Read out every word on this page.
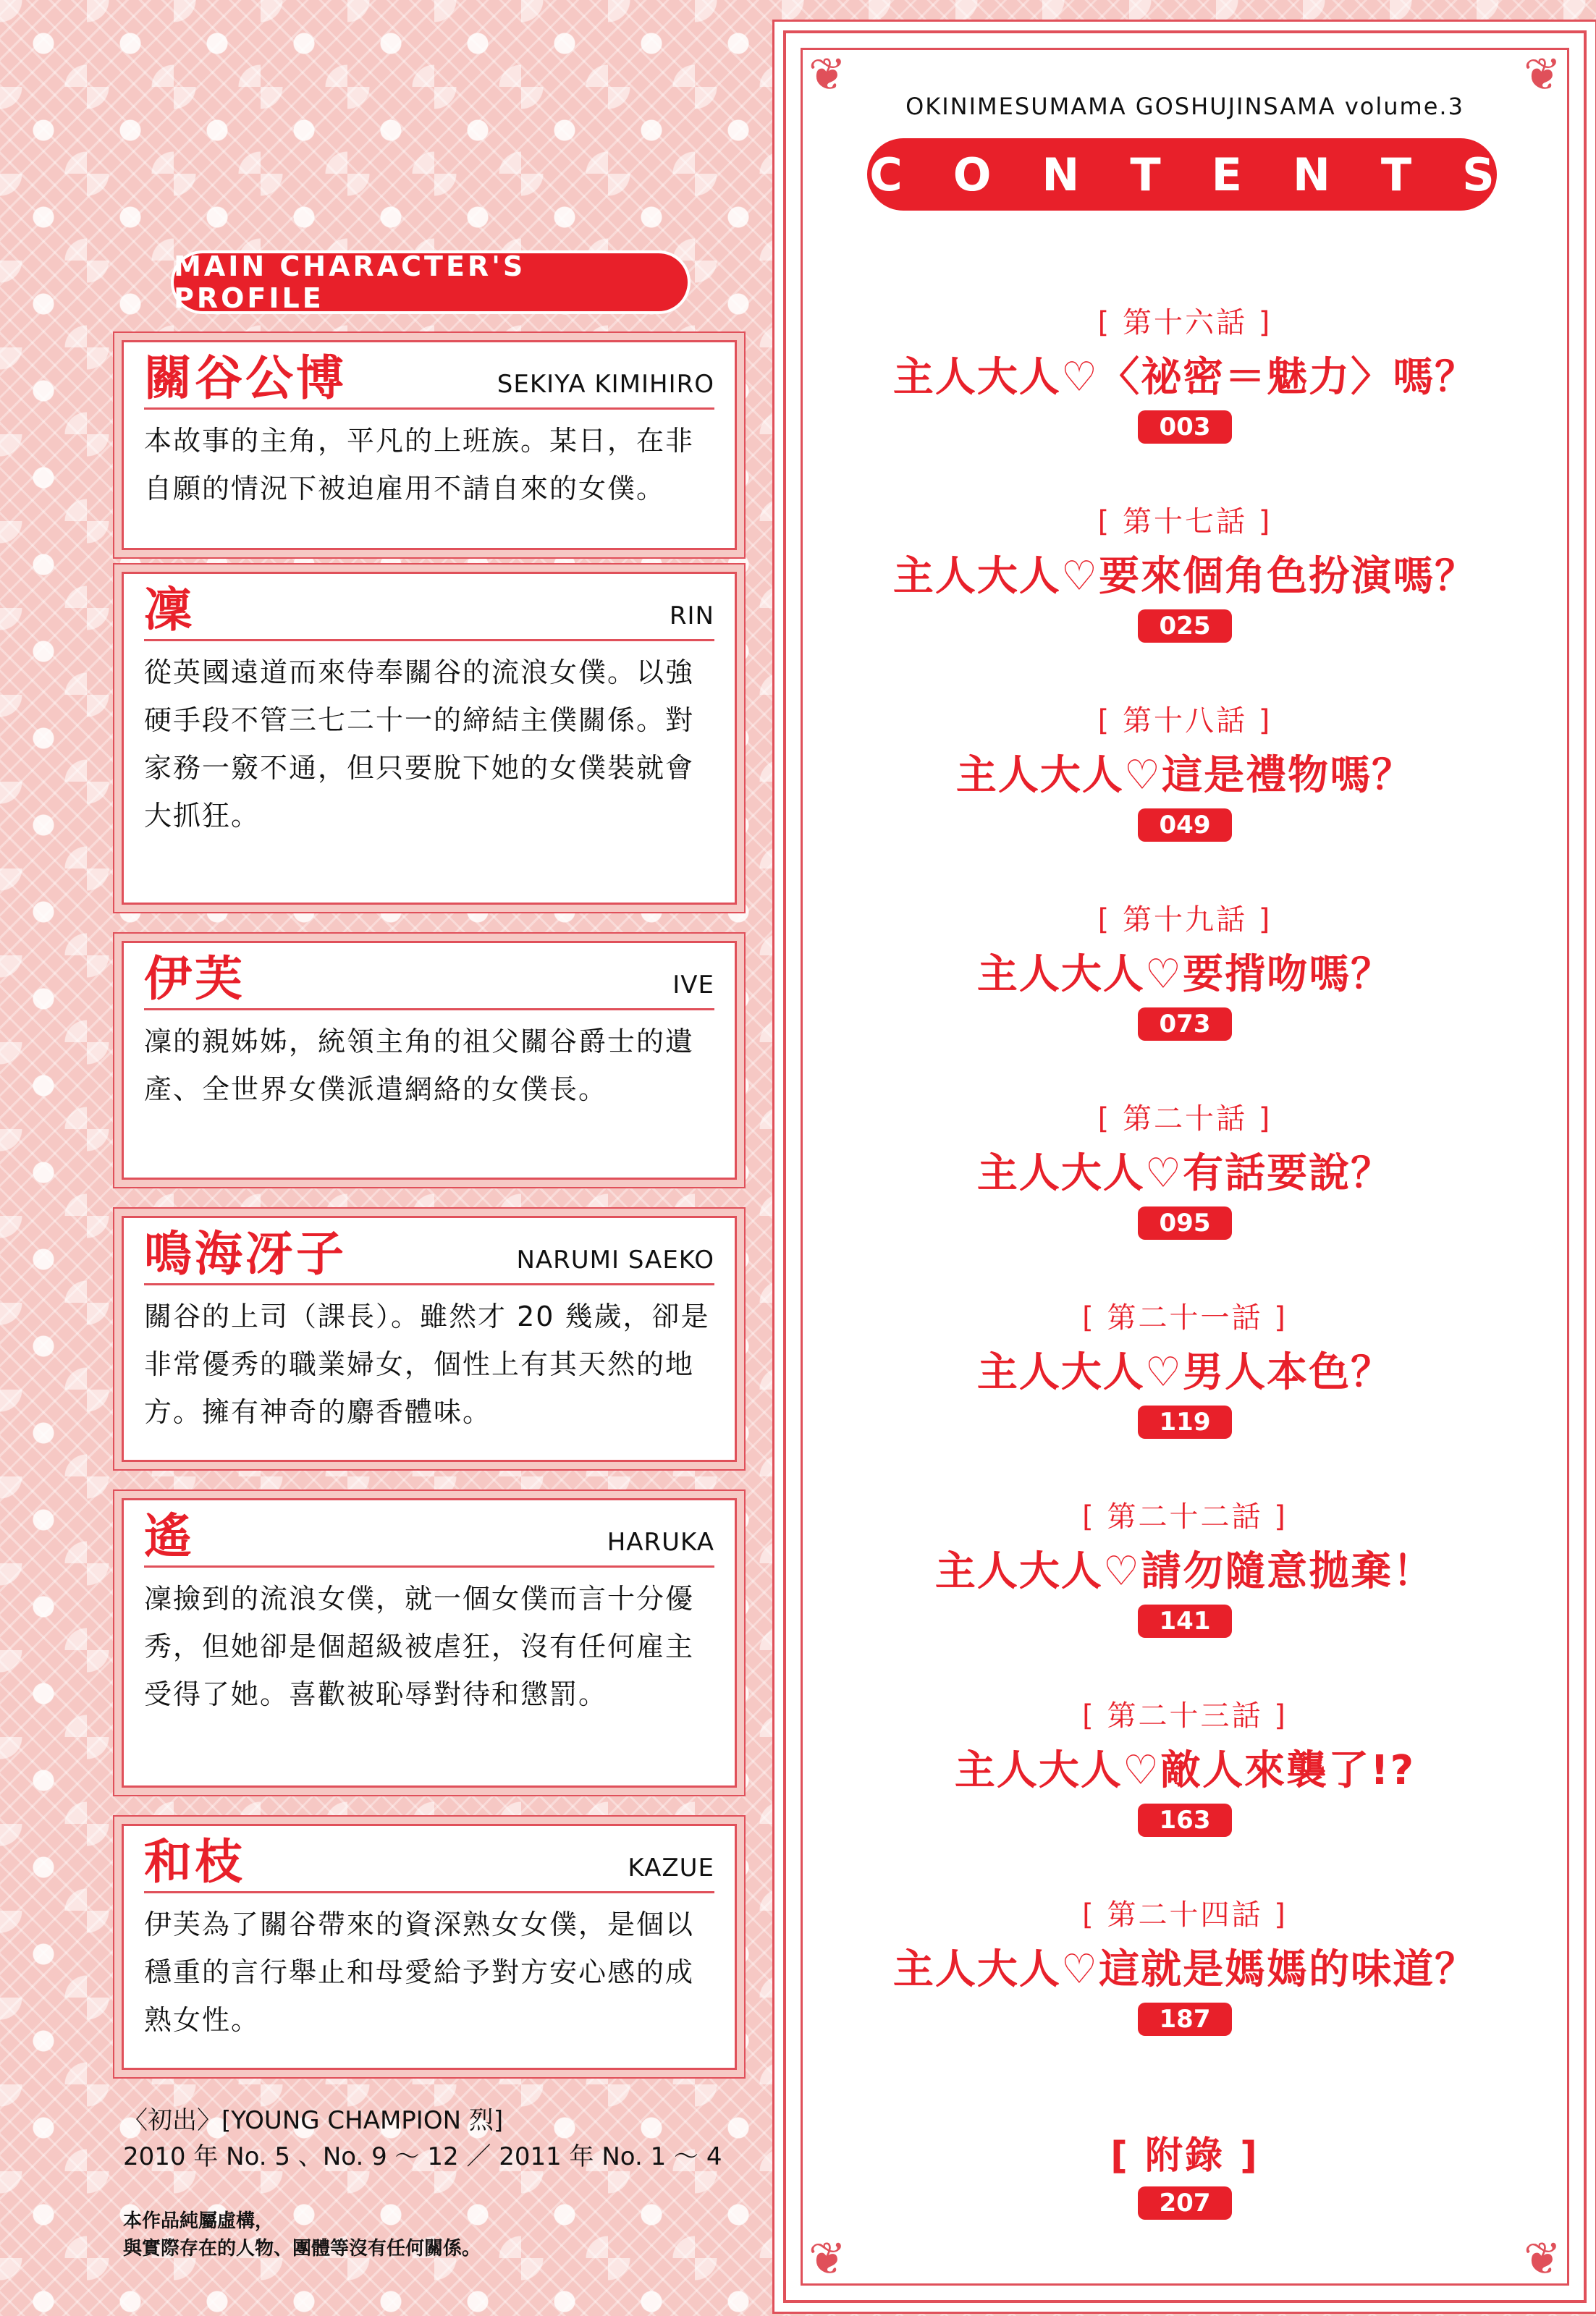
MAIN CHARACTER'S PROFILE
關谷公博	SEKIYA KIMIHIRO
本故事的主角，平凡的上班族。某日，在非自願的情況下被迫雇用不請自來的女僕。
凜	RIN
從英國遠道而來侍奉關谷的流浪女僕。以強硬手段不管三七二十一的締結主僕關係。對家務一竅不通，但只要脫下她的女僕裝就會大抓狂。
伊芙	IVE
凜的親姊姊，統領主角的祖父關谷爵士的遺產、全世界女僕派遣網絡的女僕長。
鳴海冴子	NARUMI SAEKO
關谷的上司（課長）。雖然才 20 幾歲，卻是非常優秀的職業婦女，個性上有其天然的地方。擁有神奇的麝香體味。
遙	HARUKA
凜撿到的流浪女僕，就一個女僕而言十分優秀，但她卻是個超級被虐狂，沒有任何雇主受得了她。喜歡被恥辱對待和懲罰。
和枝	KAZUE
伊芙為了關谷帶來的資深熟女女僕，是個以穩重的言行舉止和母愛給予對方安心感的成熟女性。
〈初出〉[YOUNG CHAMPION 烈]
2010 年 No. 5 、No. 9 ～ 12 ／ 2011 年 No. 1 ～ 4
本作品純屬虛構，
與實際存在的人物、團體等沒有任何關係。
❦	❦
❦	❦
OKINIMESUMAMA GOSHUJINSAMA volume.3
CONTENTS
[ 第十六話 ]
主人大人♡〈祕密＝魅力〉嗎？
003
[ 第十七話 ]
主人大人♡要來個角色扮演嗎？
025
[ 第十八話 ]
主人大人♡這是禮物嗎？
049
[ 第十九話 ]
主人大人♡要揹吻嗎？
073
[ 第二十話 ]
主人大人♡有話要說？
095
[ 第二十一話 ]
主人大人♡男人本色？
119
[ 第二十二話 ]
主人大人♡請勿隨意拋棄！
141
[ 第二十三話 ]
主人大人♡敵人來襲了!?
163
[ 第二十四話 ]
主人大人♡這就是媽媽的味道？
187
[ 附錄 ]
207
